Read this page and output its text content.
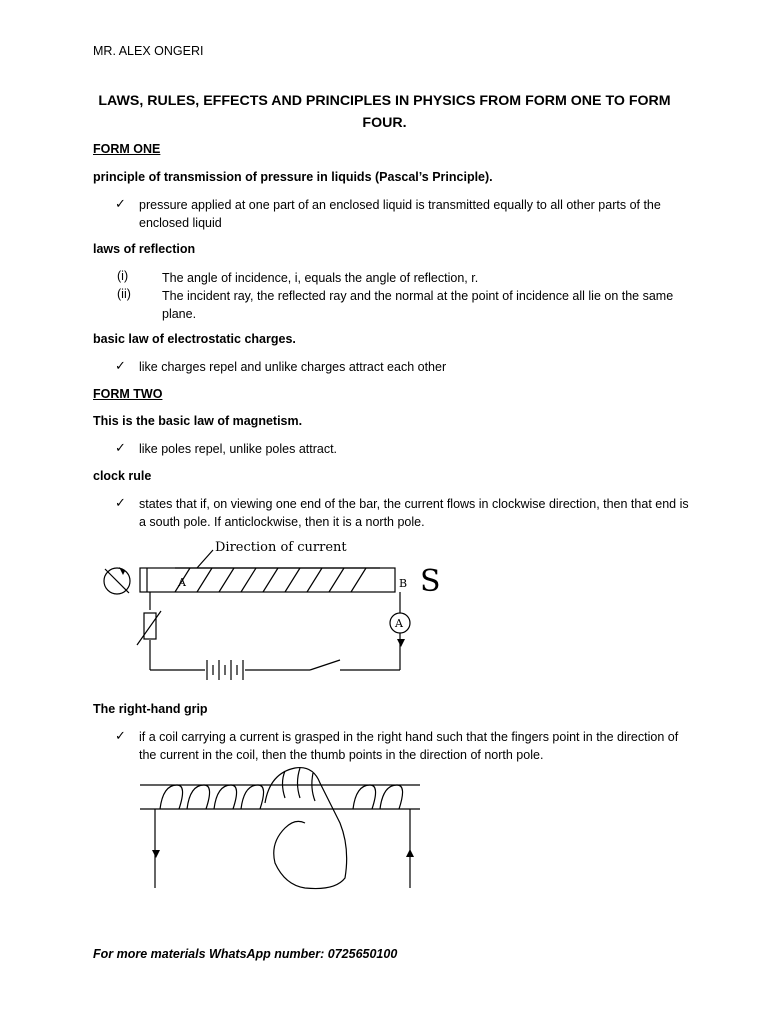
MR. ALEX ONGERI
LAWS, RULES, EFFECTS AND PRINCIPLES IN PHYSICS FROM FORM ONE TO FORM FOUR.
FORM ONE
principle of transmission of pressure in liquids (Pascal’s Principle).
✓ pressure applied at one part of an enclosed liquid is transmitted equally to all other parts of the enclosed liquid
laws of reflection
(i)	The angle of incidence, i, equals the angle of reflection, r.
(ii) The incident ray, the reflected ray and the normal at the point of incidence all lie on the same plane.
basic law of electrostatic charges.
✓ like charges repel and unlike charges attract each other
FORM TWO
This is the basic law of magnetism.
✓ like poles repel, unlike poles attract.
clock rule
✓ states that if, on viewing one end of the bar, the current flows in clockwise direction, then that end is a south pole. If anticlockwise, then it is a north pole.
Direction of current
A	B S
A
The right-hand grip
✓ if a coil carrying a current is grasped in the right hand such that the fingers point in the direction of the current in the coil, then the thumb points in the direction of north pole.
For more materials WhatsApp number: 0725650100
